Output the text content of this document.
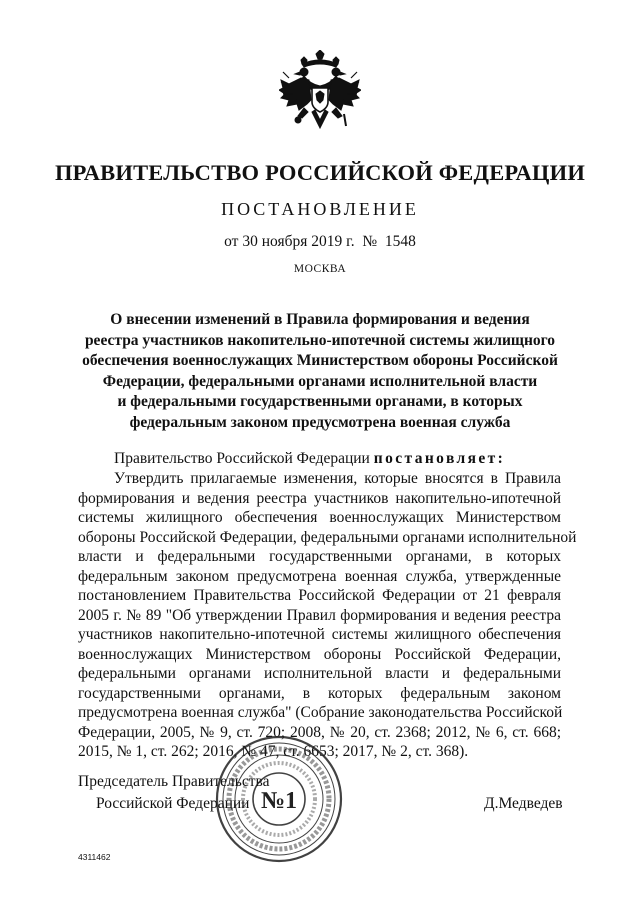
ПРАВИТЕЛЬСТВО РОССИЙСКОЙ ФЕДЕРАЦИИ
ПОСТАНОВЛЕНИЕ
от 30 ноября 2019 г.  №  1548
МОСКВА
О внесении изменений в Правила формирования и ведения
реестра участников накопительно-ипотечной системы жилищного
обеспечения военнослужащих Министерством обороны Российской
Федерации, федеральными органами исполнительной власти
и федеральными государственными органами, в которых
федеральным законом предусмотрена военная служба
Правительство Российской Федерации постановляет:
Утвердить прилагаемые изменения, которые вносятся в Правила
формирования и ведения реестра участников накопительно-ипотечной
системы жилищного обеспечения военнослужащих Министерством
обороны Российской Федерации, федеральными органами исполнительной
власти и федеральными государственными органами, в которых
федеральным законом предусмотрена военная служба, утвержденные
постановлением Правительства Российской Федерации от 21 февраля
2005 г. № 89 "Об утверждении Правил формирования и ведения реестра
участников накопительно-ипотечной системы жилищного обеспечения
военнослужащих Министерством обороны Российской Федерации,
федеральными органами исполнительной власти и федеральными
государственными органами, в которых федеральным законом
предусмотрена военная служба" (Собрание законодательства Российской
Федерации, 2005, № 9, ст. 720; 2008, № 20, ст. 2368; 2012, № 6, ст. 668;
2015, № 1, ст. 262; 2016, № 47, ст. 6653; 2017, № 2, ст. 368).
Председатель Правительства
Российской Федерации	Д.Медведев
№1
4311462
